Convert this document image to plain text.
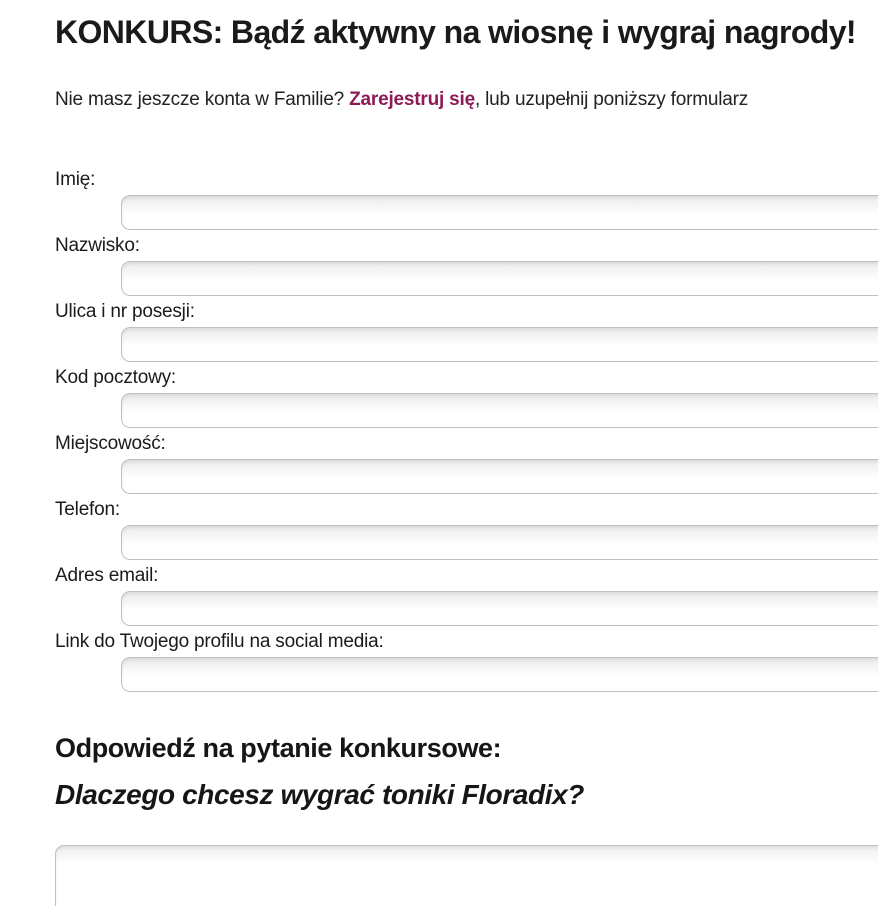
KONKURS: Bądź aktywny na wiosnę i wygraj nagrody!

Nie masz jeszcze konta w Familie? Zarejestruj się, lub uzupełnij poniższy formularz

Imię:
Nazwisko:
Ulica i nr posesji:
Kod pocztowy:
Miejscowość:
Telefon:
Adres email:
Link do Twojego profilu na social media:
Odpowiedź na pytanie konkursowe:

Dlaczego chcesz wygrać toniki Floradix?
